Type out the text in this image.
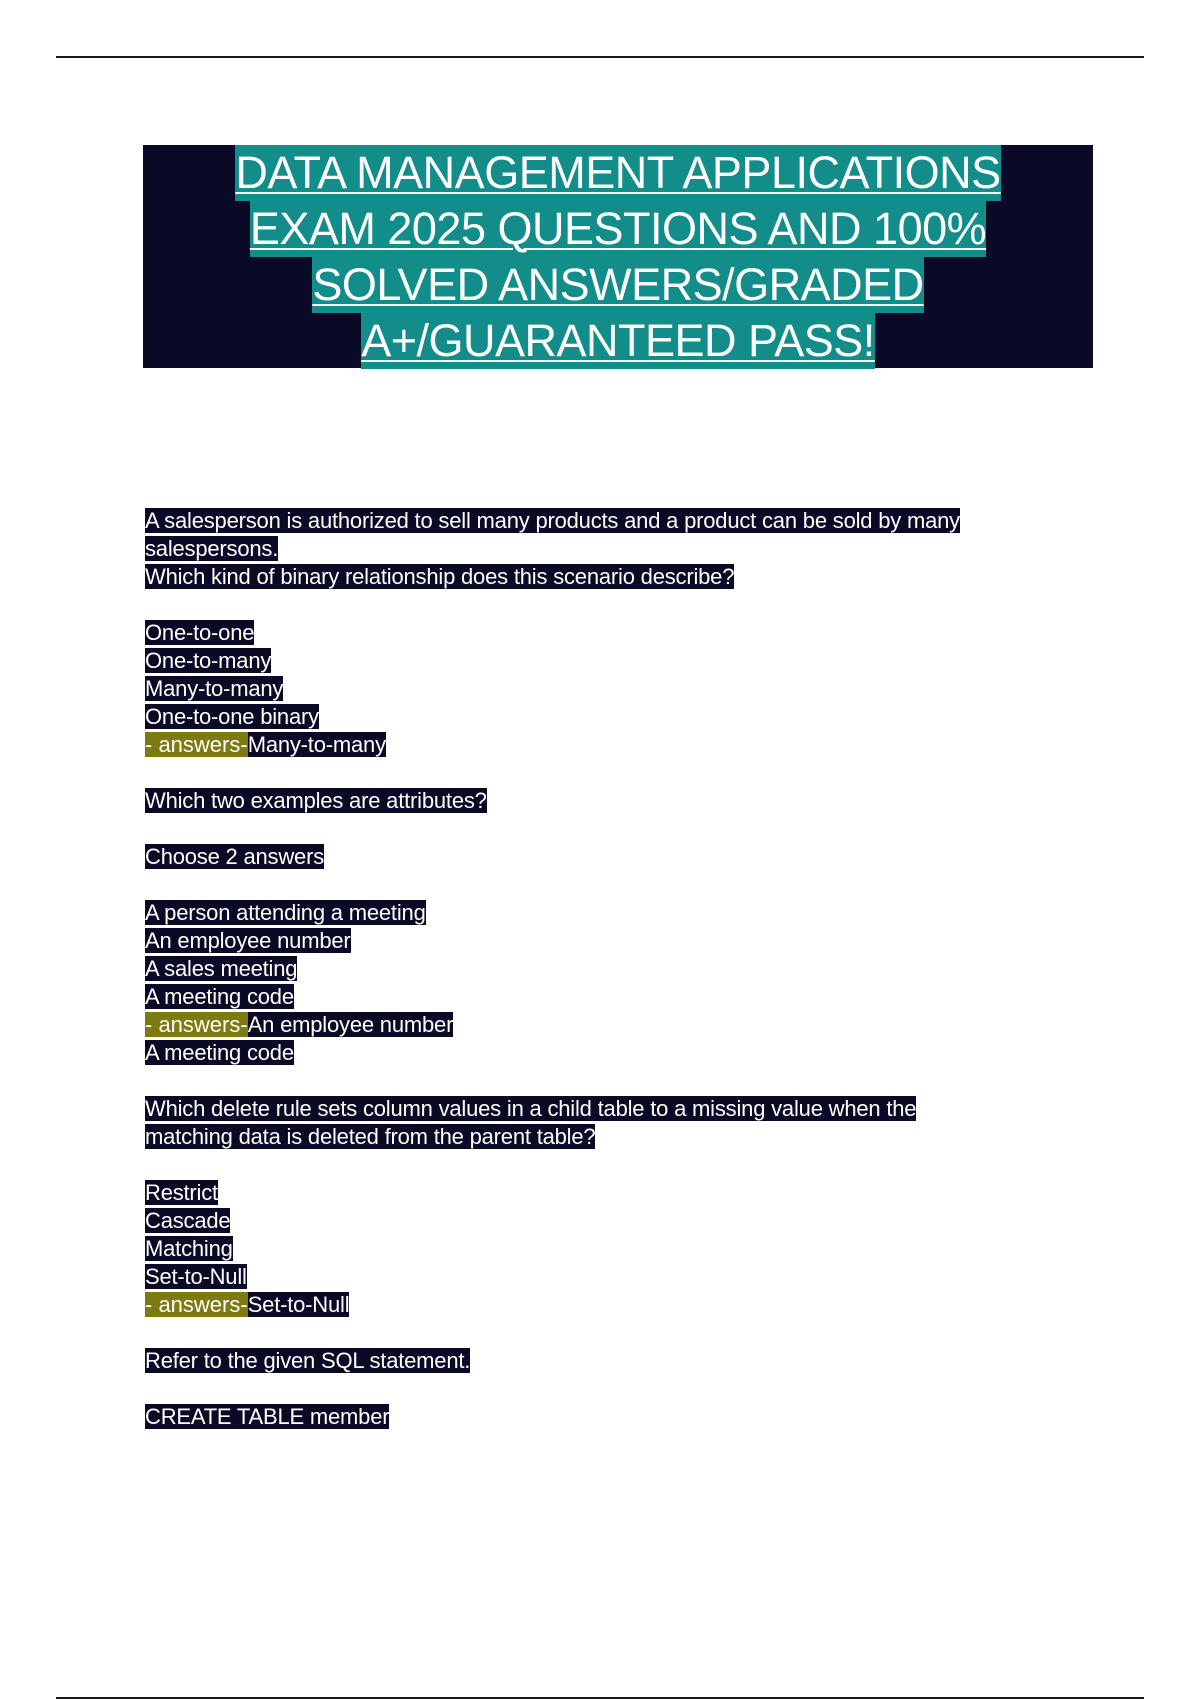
DATA MANAGEMENT APPLICATIONS
EXAM 2025 QUESTIONS AND 100%
SOLVED ANSWERS/GRADED
A+/GUARANTEED PASS!
A salesperson is authorized to sell many products and a product can be sold by many
salespersons.
Which kind of binary relationship does this scenario describe?
One-to-one
One-to-many
Many-to-many
One-to-one binary
- answers-Many-to-many
Which two examples are attributes?
Choose 2 answers
A person attending a meeting
An employee number
A sales meeting
A meeting code
- answers-An employee number
A meeting code
Which delete rule sets column values in a child table to a missing value when the
matching data is deleted from the parent table?
Restrict
Cascade
Matching
Set-to-Null
- answers-Set-to-Null
Refer to the given SQL statement.
CREATE TABLE member
